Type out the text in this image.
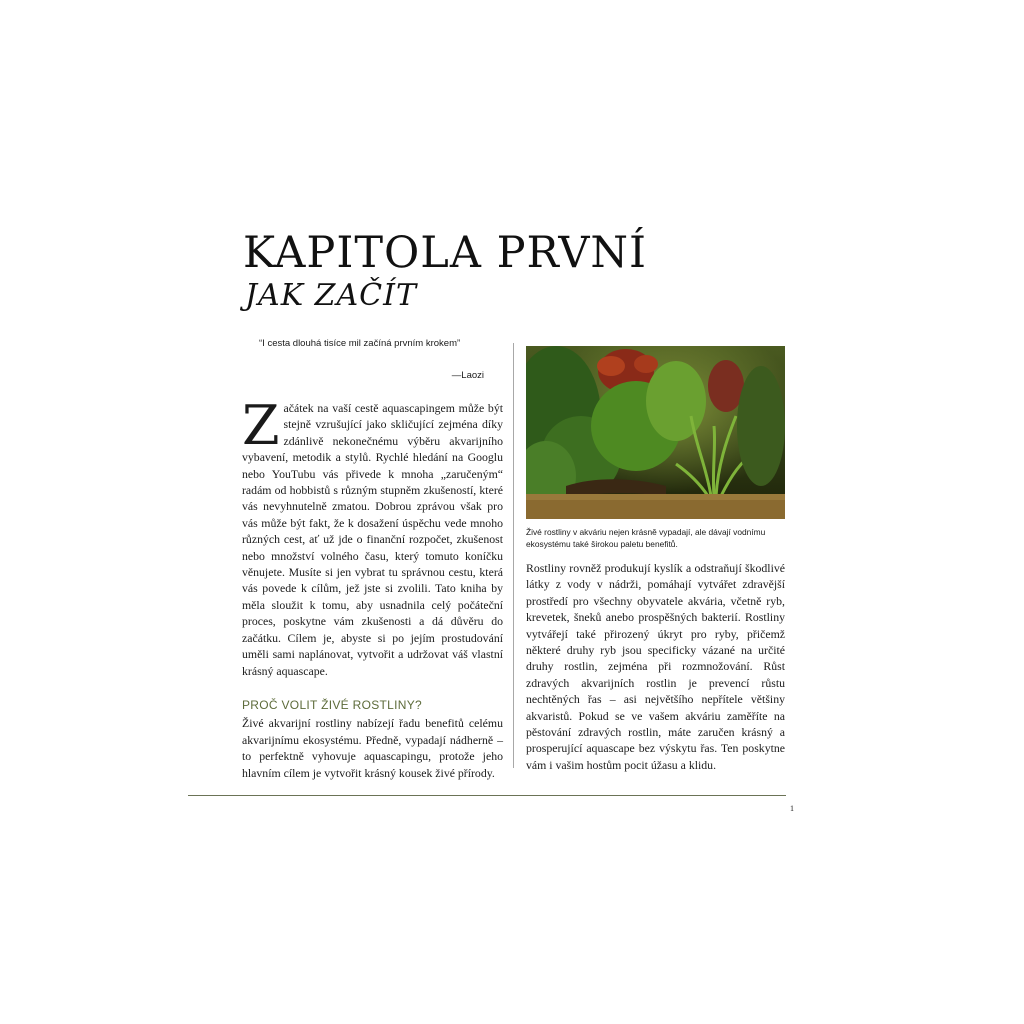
KAPITOLA PRVNÍ
JAK ZAČÍT
“I cesta dlouhá tisíce mil začíná prvním krokem”
—Laozi

Začátek na vaší cestě aquascapingem může být stejně vzrušující jako skličující zejména díky zdánlivě nekonečnému výběru akvarijního vybavení, metodik a stylů. Rychlé hledání na Googlu nebo YouTubu vás přivede k mnoha „zaručeným“ radám od hobbistů s různým stupněm zkušeností, které vás nevyhnutelně zmatou. Dobrou zprávou však pro vás může být fakt, že k dosažení úspěchu vede mnoho různých cest, ať už jde o finanční rozpočet, zkušenost nebo množství volného času, který tomuto koníčku věnujete. Musíte si jen vybrat tu správnou cestu, která vás povede k cílům, jež jste si zvolili. Tato kniha by měla sloužit k tomu, aby usnadnila celý počáteční proces, poskytne vám zkušenosti a dá důvěru do začátku. Cílem je, abyste si po jejím prostudování uměli sami naplánovat, vytvořit a udržovat váš vlastní krásný aquascape.

PROČ VOLIT ŽIVÉ ROSTLINY?

Živé akvarijní rostliny nabízejí řadu benefitů celému akvarijnímu ekosystému. Předně, vypadají nádherně – to perfektně vyhovuje aquascapingu, protože jeho hlavním cílem je vytvořit krásný kousek živé přírody.

Živé rostliny v akváriu nejen krásně vypadají, ale dávají vodnímu ekosystému také širokou paletu benefitů.

Rostliny rovněž produkují kyslík a odstraňují škodlivé látky z vody v nádrži, pomáhají vytvářet zdravější prostředí pro všechny obyvatele akvária, včetně ryb, krevetek, šneků anebo prospěšných bakterií. Rostliny vytvářejí také přirozený úkryt pro ryby, přičemž některé druhy ryb jsou specificky vázané na určité druhy rostlin, zejména při rozmnožování. Růst zdravých akvarijních rostlin je prevencí růstu nechtěných řas – asi největšího nepřítele většiny akvaristů. Pokud se ve vašem akváriu zaměříte na pěstování zdravých rostlin, máte zaručen krásný a prosperující aquascape bez výskytu řas. Ten poskytne vám i vašim hostům pocit úžasu a klidu.

1
